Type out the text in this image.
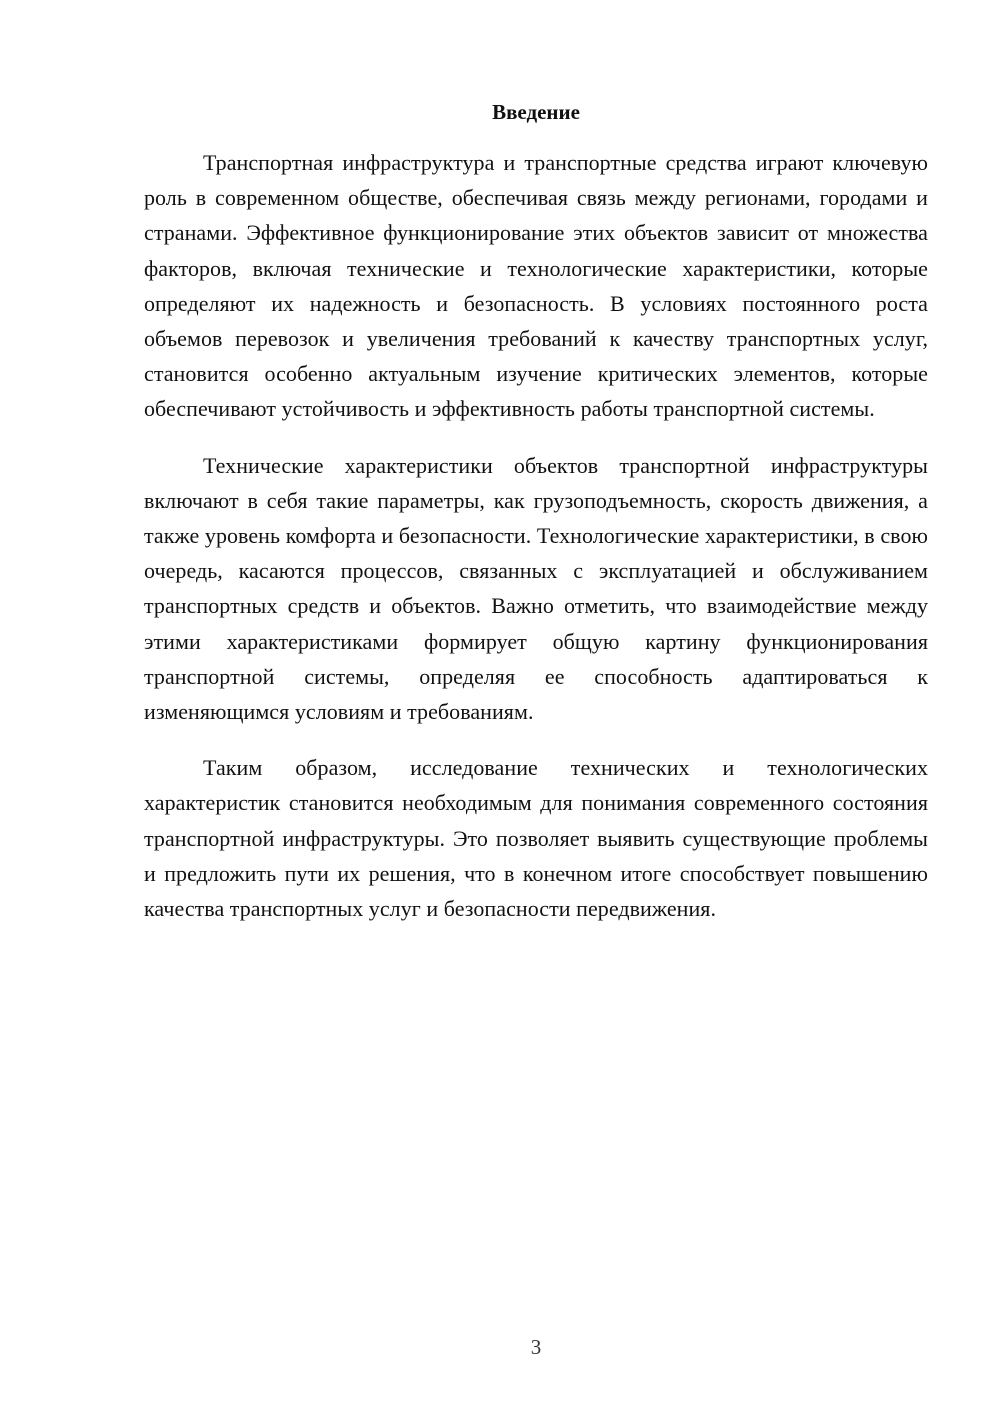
Введение

Транспортная инфраструктура и транспортные средства играют ключевую роль в современном обществе, обеспечивая связь между регионами, городами и странами. Эффективное функционирование этих объектов зависит от множества факторов, включая технические и технологические характеристики, которые определяют их надежность и безопасность. В условиях постоянного роста объемов перевозок и увеличения требований к качеству транспортных услуг, становится особенно актуальным изучение критических элементов, которые обеспечивают устойчивость и эффективность работы транспортной системы.

Технические характеристики объектов транспортной инфраструктуры включают в себя такие параметры, как грузоподъемность, скорость движения, а также уровень комфорта и безопасности. Технологические характеристики, в свою очередь, касаются процессов, связанных с эксплуатацией и обслуживанием транспортных средств и объектов. Важно отметить, что взаимодействие между этими характеристиками формирует общую картину функционирования транспортной системы, определяя ее способность адаптироваться к изменяющимся условиям и требованиям.

Таким образом, исследование технических и технологических характеристик становится необходимым для понимания современного состояния транспортной инфраструктуры. Это позволяет выявить существующие проблемы и предложить пути их решения, что в конечном итоге способствует повышению качества транспортных услуг и безопасности передвижения.

3
